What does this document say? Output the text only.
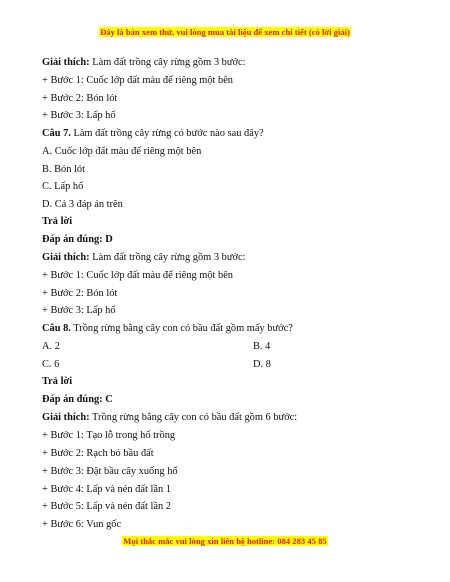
Đây là bản xem thử, vui lòng mua tài liệu để xem chi tiết (có lời giải)
Giải thích: Làm đất trồng cây rừng gồm 3 bước:
+ Bước 1: Cuốc lớp đất màu để riêng một bên
+ Bước 2: Bón lót
+ Bước 3: Lấp hố
Câu 7. Làm đất trồng cây rừng có bước nào sau đây?
A. Cuốc lớp đất màu để riêng một bên
B. Bón lót
C. Lấp hố
D. Cả 3 đáp án trên
Trả lời
Đáp án đúng: D
Giải thích: Làm đất trồng cây rừng gồm 3 bước:
+ Bước 1: Cuốc lớp đất màu để riêng một bên
+ Bước 2: Bón lót
+ Bước 3: Lấp hố
Câu 8. Trồng rừng bằng cây con có bầu đất gồm mấy bước?
A. 2	B. 4
C. 6	D. 8
Trả lời
Đáp án đúng: C
Giải thích: Trồng rừng bằng cây con có bầu đất gồm 6 bước:
+ Bước 1: Tạo lỗ trong hố trồng
+ Bước 2: Rạch bỏ bầu đất
+ Bước 3: Đặt bầu cây xuống hố
+ Bước 4: Lấp và nén đất lần 1
+ Bước 5: Lấp và nén đất lần 2
+ Bước 6: Vun gốc
Mọi thắc mắc vui lòng xin liên hệ hotline: 084 283 45 85
